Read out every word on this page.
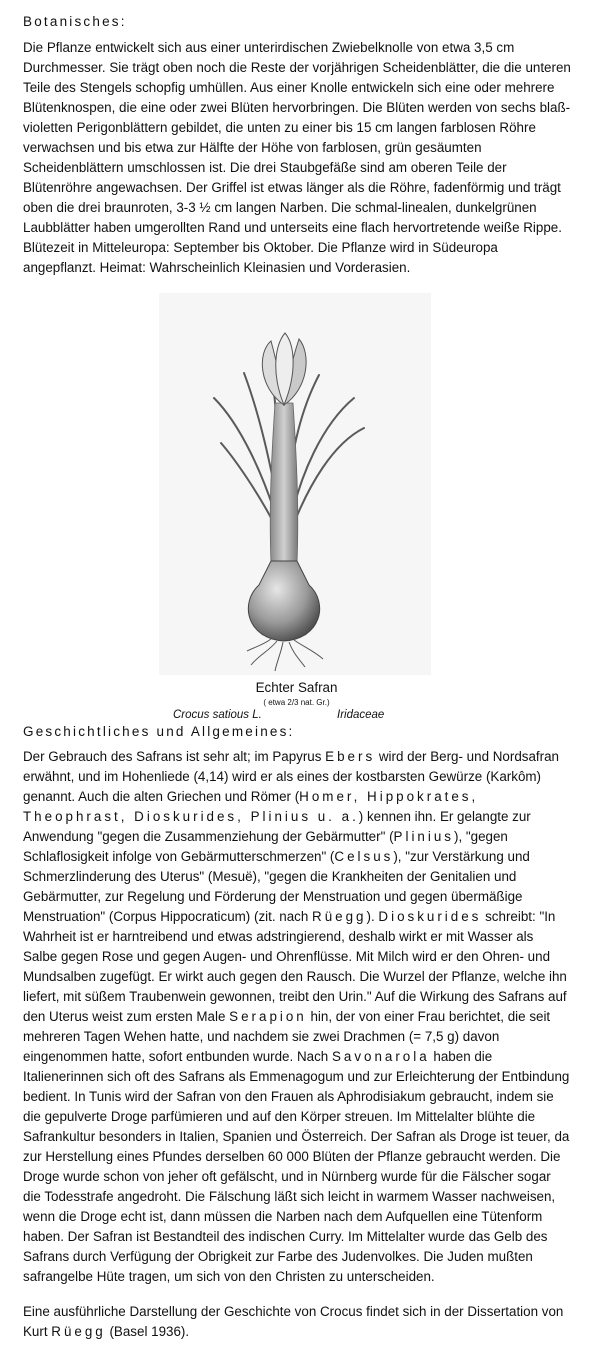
Botanisches:

Die Pflanze entwickelt sich aus einer unterirdischen Zwiebelknolle von etwa 3,5 cm Durchmesser. Sie trägt oben noch die Reste der vorjährigen Scheidenblätter, die die unteren Teile des Stengels schopfig umhüllen. Aus einer Knolle entwickeln sich eine oder mehrere Blütenknospen, die eine oder zwei Blüten hervorbringen. Die Blüten werden von sechs blaß-violetten Perigonblättern gebildet, die unten zu einer bis 15 cm langen farblosen Röhre verwachsen und bis etwa zur Hälfte der Höhe von farblosen, grün gesäumten Scheidenblättern umschlossen ist. Die drei Staubgefäße sind am oberen Teile der Blütenröhre angewachsen. Der Griffel ist etwas länger als die Röhre, fadenförmig und trägt oben die drei braunroten, 3-3 ½ cm langen Narben. Die schmal-linealen, dunkelgrünen Laubblätter haben umgerollten Rand und unterseits eine flach hervortretende weiße Rippe. Blütezeit in Mitteleuropa: September bis Oktober. Die Pflanze wird in Südeuropa angepflanzt. Heimat: Wahrscheinlich Kleinasien und Vorderasien.

Echter Safran
( etwa 2/3 nat. Gr.)
Crocus satious L.	Iridaceae
Geschichtliches und Allgemeines:

Der Gebrauch des Safrans ist sehr alt; im Papyrus Ebers wird der Berg- und Nordsafran erwähnt, und im Hohenliede (4,14) wird er als eines der kostbarsten Gewürze (Karkôm) genannt. Auch die alten Griechen und Römer (Homer, Hippokrates, Theophrast, Dioskurides, Plinius u. a.) kennen ihn. Er gelangte zur Anwendung "gegen die Zusammenziehung der Gebärmutter" (Plinius), "gegen Schlaflosigkeit infolge von Gebärmutterschmerzen" (Celsus), "zur Verstärkung und Schmerzlinderung des Uterus" (Mesuë), "gegen die Krankheiten der Genitalien und Gebärmutter, zur Regelung und Förderung der Menstruation und gegen übermäßige Menstruation" (Corpus Hippocraticum) (zit. nach Rüegg). Dioskurides schreibt: "In Wahrheit ist er harntreibend und etwas adstringierend, deshalb wirkt er mit Wasser als Salbe gegen Rose und gegen Augen- und Ohrenflüsse. Mit Milch wird er den Ohren- und Mundsalben zugefügt. Er wirkt auch gegen den Rausch. Die Wurzel der Pflanze, welche ihn liefert, mit süßem Traubenwein gewonnen, treibt den Urin." Auf die Wirkung des Safrans auf den Uterus weist zum ersten Male Serapion hin, der von einer Frau berichtet, die seit mehreren Tagen Wehen hatte, und nachdem sie zwei Drachmen (= 7,5 g) davon eingenommen hatte, sofort entbunden wurde. Nach Savonarola haben die Italienerinnen sich oft des Safrans als Emmenagogum und zur Erleichterung der Entbindung bedient. In Tunis wird der Safran von den Frauen als Aphrodisiakum gebraucht, indem sie die gepulverte Droge parfümieren und auf den Körper streuen. Im Mittelalter blühte die Safrankultur besonders in Italien, Spanien und Österreich. Der Safran als Droge ist teuer, da zur Herstellung eines Pfundes derselben 60 000 Blüten der Pflanze gebraucht werden. Die Droge wurde schon von jeher oft gefälscht, und in Nürnberg wurde für die Fälscher sogar die Todesstrafe angedroht. Die Fälschung läßt sich leicht in warmem Wasser nachweisen, wenn die Droge echt ist, dann müssen die Narben nach dem Aufquellen eine Tütenform haben. Der Safran ist Bestandteil des indischen Curry. Im Mittelalter wurde das Gelb des Safrans durch Verfügung der Obrigkeit zur Farbe des Judenvolkes. Die Juden mußten safrangelbe Hüte tragen, um sich von den Christen zu unterscheiden.

Eine ausführliche Darstellung der Geschichte von Crocus findet sich in der Dissertation von Kurt Rüegg (Basel 1936).
